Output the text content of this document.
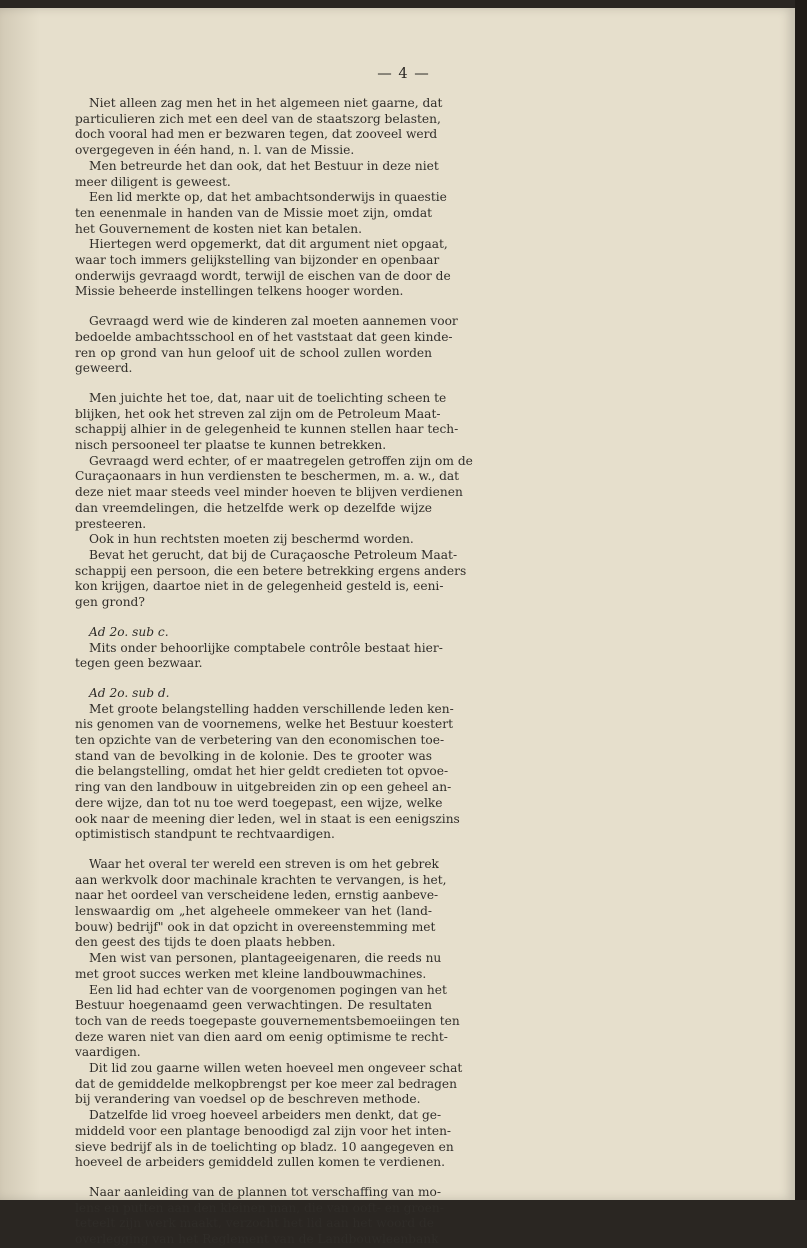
— 4 —
Niet alleen zag men het in het algemeen niet gaarne, dat
particulieren zich met een deel van de staatszorg belasten,
doch vooral had men er bezwaren tegen, dat zooveel werd
overgegeven in één hand, n. l. van de Missie.
Men betreurde het dan ook, dat het Bestuur in deze niet
meer diligent is geweest.
Een lid merkte op, dat het ambachtsonderwijs in quaestie
ten eenenmale in handen van de Missie moet zijn, omdat
het Gouvernement de kosten niet kan betalen.
Hiertegen werd opgemerkt, dat dit argument niet opgaat,
waar toch immers gelijkstelling van bijzonder en openbaar
onderwijs gevraagd wordt, terwijl de eischen van de door de
Missie beheerde instellingen telkens hooger worden.
Gevraagd werd wie de kinderen zal moeten aannemen voor
bedoelde ambachtsschool en of het vaststaat dat geen kinde-
ren op grond van hun geloof uit de school zullen worden
geweerd.
Men juichte het toe, dat, naar uit de toelichting scheen te
blijken, het ook het streven zal zijn om de Petroleum Maat-
schappij alhier in de gelegenheid te kunnen stellen haar tech-
nisch persooneel ter plaatse te kunnen betrekken.
Gevraagd werd echter, of er maatregelen getroffen zijn om de
Curaçaonaars in hun verdiensten te beschermen, m. a. w., dat
deze niet maar steeds veel minder hoeven te blijven verdienen
dan vreemdelingen, die hetzelfde werk op dezelfde wijze
presteeren.
Ook in hun rechtsten moeten zij beschermd worden.
Bevat het gerucht, dat bij de Curaçaosche Petroleum Maat-
schappij een persoon, die een betere betrekking ergens anders
kon krijgen, daartoe niet in de gelegenheid gesteld is, eeni-
gen grond?
Ad 2o. sub c.
Mits onder behoorlijke comptabele contrôle bestaat hier-
tegen geen bezwaar.
Ad 2o. sub d.
Met groote belangstelling hadden verschillende leden ken-
nis genomen van de voornemens, welke het Bestuur koestert
ten opzichte van de verbetering van den economischen toe-
stand van de bevolking in de kolonie. Des te grooter was
die belangstelling, omdat het hier geldt credieten tot opvoe-
ring van den landbouw in uitgebreiden zin op een geheel an-
dere wijze, dan tot nu toe werd toegepast, een wijze, welke
ook naar de meening dier leden, wel in staat is een eenigszins
optimistisch standpunt te rechtvaardigen.
Waar het overal ter wereld een streven is om het gebrek
aan werkvolk door machinale krachten te vervangen, is het,
naar het oordeel van verscheidene leden, ernstig aanbeve-
lenswaardig om „het algeheele ommekeer van het (land-
bouw) bedrijf" ook in dat opzicht in overeenstemming met
den geest des tijds te doen plaats hebben.
Men wist van personen, plantageeigenaren, die reeds nu
met groot succes werken met kleine landbouwmachines.
Een lid had echter van de voorgenomen pogingen van het
Bestuur hoegenaamd geen verwachtingen. De resultaten
toch van de reeds toegepaste gouvernementsbemoeiingen ten
deze waren niet van dien aard om eenig optimisme te recht-
vaardigen.
Dit lid zou gaarne willen weten hoeveel men ongeveer schat
dat de gemiddelde melkopbrengst per koe meer zal bedragen
bij verandering van voedsel op de beschreven methode.
Datzelfde lid vroeg hoeveel arbeiders men denkt, dat ge-
middeld voor een plantage benoodigd zal zijn voor het inten-
sieve bedrijf als in de toelichting op bladz. 10 aangegeven en
hoeveel de arbeiders gemiddeld zullen komen te verdienen.
Naar aanleiding van de plannen tot verschaffing van mo-
lens en putten aan den kleinen man, die van ooft- en groen-
teteelt zijn werk maakt, verzocht het lid aan het woord de
overlegging van het Reglement van de Landbouwleenbank
